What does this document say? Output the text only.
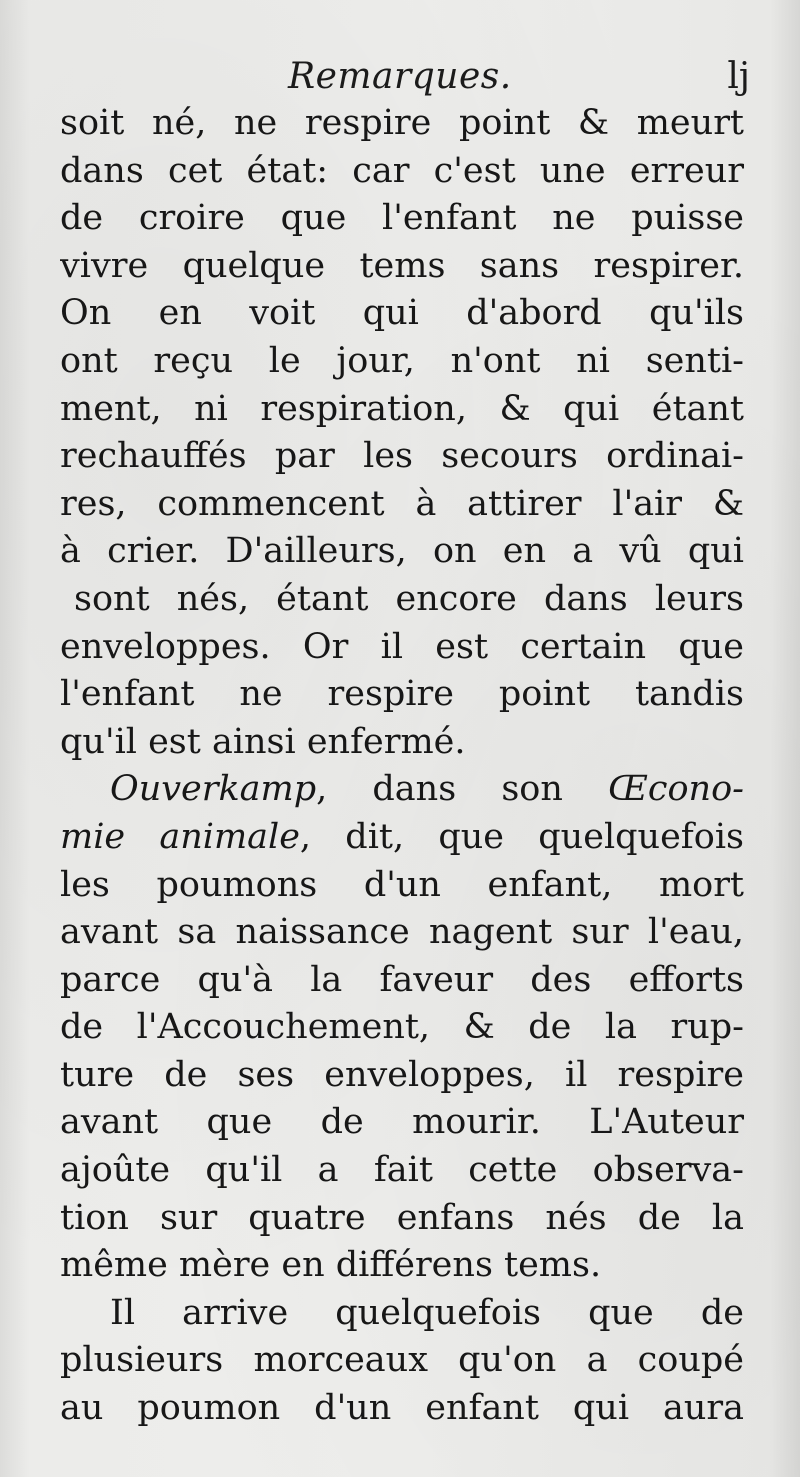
Remarques.	lj
soit né, ne respire point & meurt
dans cet état: car c'est une erreur
de croire que l'enfant ne puisse
vivre quelque tems sans respirer.
On en voit qui d'abord qu'ils
ont reçu le jour, n'ont ni senti-
ment, ni respiration, & qui étant
rechauffés par les secours ordinai-
res, commencent à attirer l'air &
à crier. D'ailleurs, on en a vû qui
sont nés, étant encore dans leurs
enveloppes. Or il est certain que
l'enfant ne respire point tandis
qu'il est ainsi enfermé.
Ouverkamp, dans son Œcono-
mie animale, dit, que quelquefois
les poumons d'un enfant, mort
avant sa naissance nagent sur l'eau,
parce qu'à la faveur des efforts
de l'Accouchement, & de la rup-
ture de ses enveloppes, il respire
avant que de mourir. L'Auteur
ajoûte qu'il a fait cette observa-
tion sur quatre enfans nés de la
même mère en différens tems.
Il arrive quelquefois que de
plusieurs morceaux qu'on a coupé
au poumon d'un enfant qui aura
